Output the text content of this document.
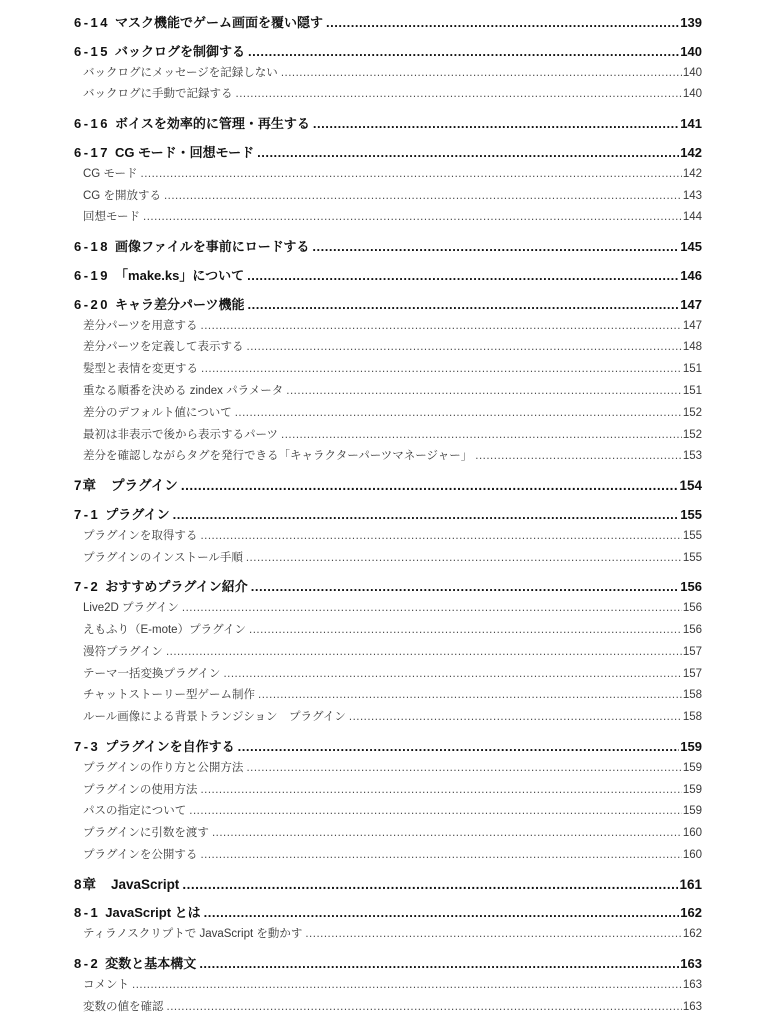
6-14 マスク機能でゲーム画面を覆い隠す .....	139
6-15 バックログを制御する .....	140
バックログにメッセージを記録しない .....	140
バックログに手動で記録する .....	140
6-16 ボイスを効率的に管理・再生する .....	141
6-17 CG モード・回想モード .....	142
CG モード .....	142
CG を開放する .....	143
回想モード .....	144
6-18 画像ファイルを事前にロードする .....	145
6-19 「make.ks」について .....	146
6-20 キャラ差分パーツ機能 .....	147
差分パーツを用意する .....	147
差分パーツを定義して表示する .....	148
髪型と表情を変更する .....	151
重なる順番を決める zindex パラメータ .....	151
差分のデフォルト値について .....	152
最初は非表示で後から表示するパーツ .....	152
差分を確認しながらタグを発行できる「キャラクターパーツマネージャー」 .....	153
7章 プラグイン .....	154
7-1 プラグイン .....	155
プラグインを取得する .....	155
プラグインのインストール手順 .....	155
7-2 おすすめプラグイン紹介 .....	156
Live2D プラグイン .....	156
えもふり（E-mote）プラグイン .....	156
漫符プラグイン .....	157
テーマ一括変換プラグイン .....	157
チャットストーリー型ゲーム制作 .....	158
ルール画像による背景トランジション　プラグイン .....	158
7-3 プラグインを自作する .....	159
プラグインの作り方と公開方法 .....	159
プラグインの使用方法 .....	159
パスの指定について .....	159
プラグインに引数を渡す .....	160
プラグインを公開する .....	160
8章 JavaScript .....	161
8-1 JavaScript とは .....	162
ティラノスクリプトで JavaScript を動かす .....	162
8-2 変数と基本構文 .....	163
コメント .....	163
変数の値を確認 .....	163
